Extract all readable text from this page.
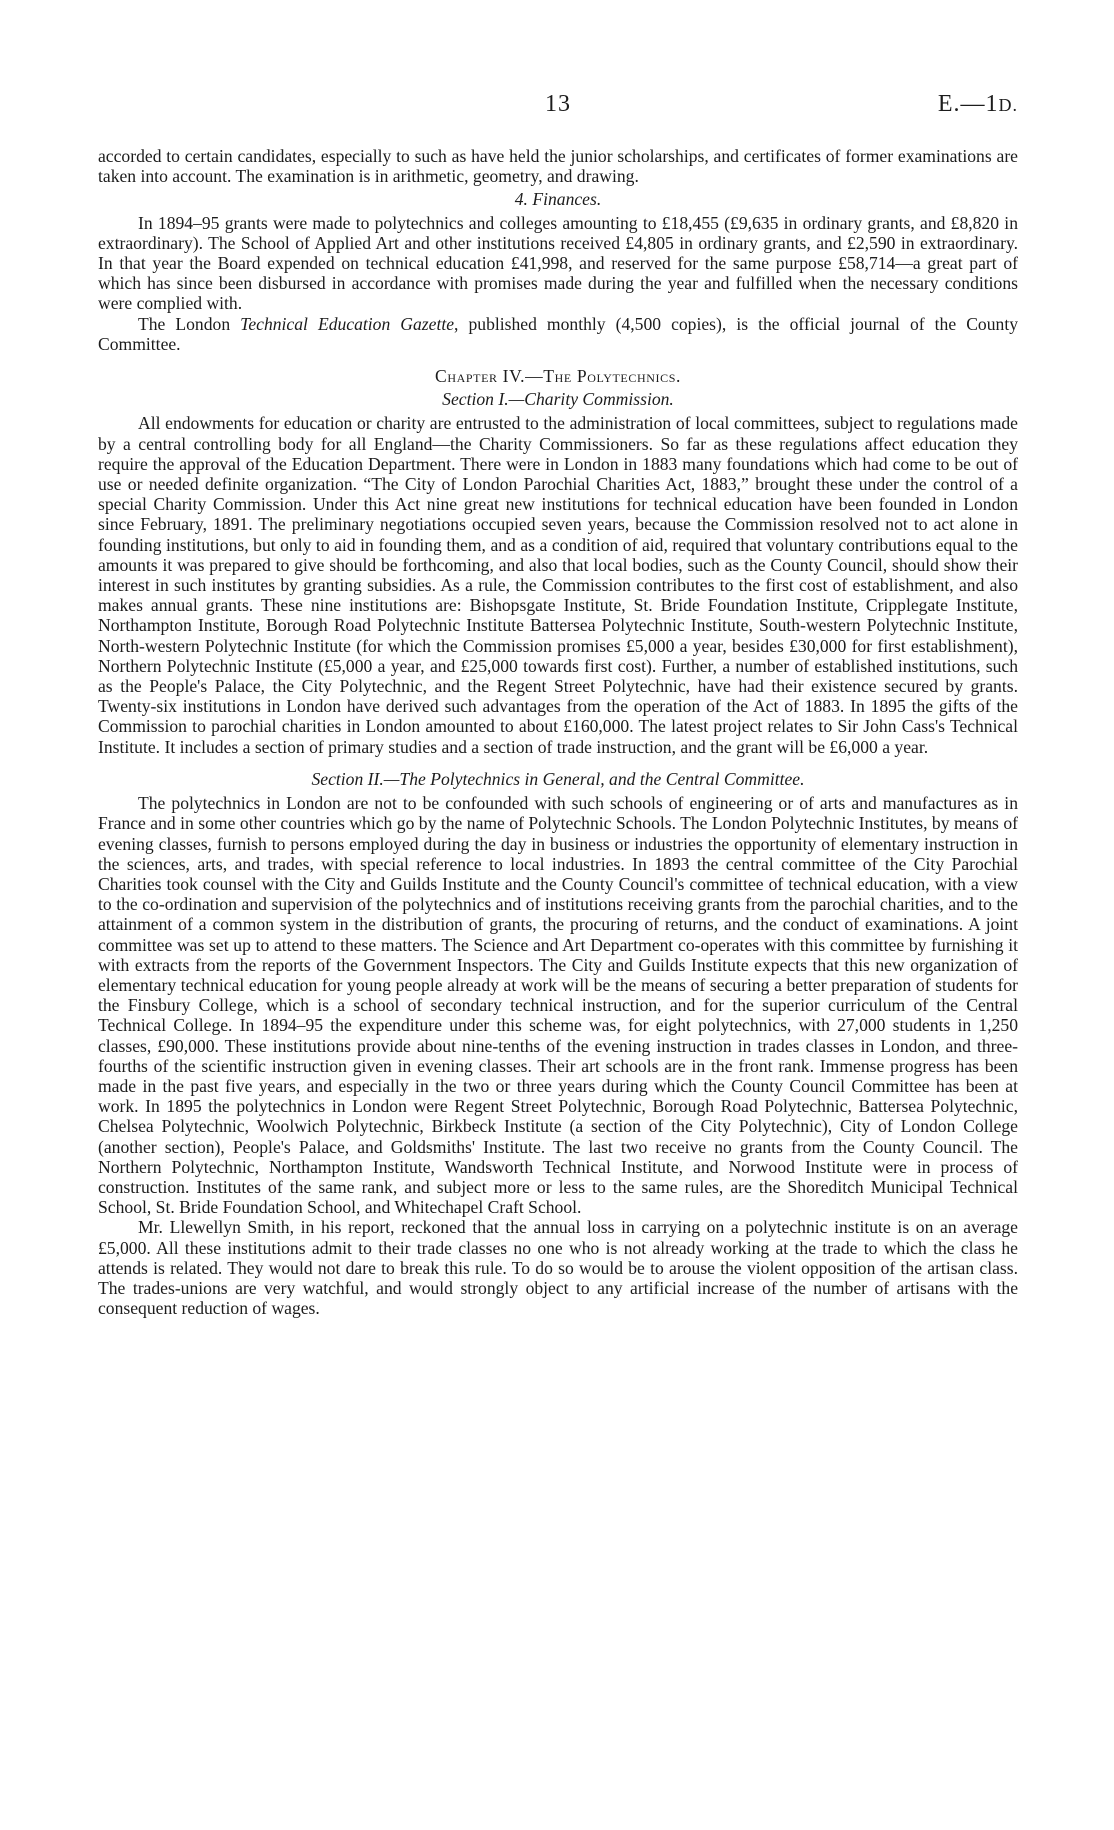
13	E.—1D.

accorded to certain candidates, especially to such as have held the junior scholarships, and certificates of former examinations are taken into account. The examination is in arithmetic, geometry, and drawing.

4. Finances.

In 1894–95 grants were made to polytechnics and colleges amounting to £18,455 (£9,635 in ordinary grants, and £8,820 in extraordinary). The School of Applied Art and other institutions received £4,805 in ordinary grants, and £2,590 in extraordinary. In that year the Board expended on technical education £41,998, and reserved for the same purpose £58,714—a great part of which has since been disbursed in accordance with promises made during the year and fulfilled when the necessary conditions were complied with.

The London Technical Education Gazette, published monthly (4,500 copies), is the official journal of the County Committee.

Chapter IV.—The Polytechnics.
Section I.—Charity Commission.

All endowments for education or charity are entrusted to the administration of local committees, subject to regulations made by a central controlling body for all England—the Charity Commissioners. So far as these regulations affect education they require the approval of the Education Department. There were in London in 1883 many foundations which had come to be out of use or needed definite organization. “The City of London Parochial Charities Act, 1883,” brought these under the control of a special Charity Commission. Under this Act nine great new institutions for technical education have been founded in London since February, 1891. The preliminary negotiations occupied seven years, because the Commission resolved not to act alone in founding institutions, but only to aid in founding them, and as a condition of aid, required that voluntary contributions equal to the amounts it was prepared to give should be forthcoming, and also that local bodies, such as the County Council, should show their interest in such institutes by granting subsidies. As a rule, the Commission contributes to the first cost of establishment, and also makes annual grants. These nine institutions are: Bishopsgate Institute, St. Bride Foundation Institute, Cripplegate Institute, Northampton Institute, Borough Road Polytechnic Institute Battersea Polytechnic Institute, South-western Polytechnic Institute, North-western Polytechnic Institute (for which the Commission promises £5,000 a year, besides £30,000 for first establishment), Northern Polytechnic Institute (£5,000 a year, and £25,000 towards first cost). Further, a number of established institutions, such as the People's Palace, the City Polytechnic, and the Regent Street Polytechnic, have had their existence secured by grants. Twenty-six institutions in London have derived such advantages from the operation of the Act of 1883. In 1895 the gifts of the Commission to parochial charities in London amounted to about £160,000. The latest project relates to Sir John Cass's Technical Institute. It includes a section of primary studies and a section of trade instruction, and the grant will be £6,000 a year.

Section II.—The Polytechnics in General, and the Central Committee.

The polytechnics in London are not to be confounded with such schools of engineering or of arts and manufactures as in France and in some other countries which go by the name of Polytechnic Schools. The London Polytechnic Institutes, by means of evening classes, furnish to persons employed during the day in business or industries the opportunity of elementary instruction in the sciences, arts, and trades, with special reference to local industries. In 1893 the central committee of the City Parochial Charities took counsel with the City and Guilds Institute and the County Council's committee of technical education, with a view to the co-ordination and supervision of the polytechnics and of institutions receiving grants from the parochial charities, and to the attainment of a common system in the distribution of grants, the procuring of returns, and the conduct of examinations. A joint committee was set up to attend to these matters. The Science and Art Department co-operates with this committee by furnishing it with extracts from the reports of the Government Inspectors. The City and Guilds Institute expects that this new organization of elementary technical education for young people already at work will be the means of securing a better preparation of students for the Finsbury College, which is a school of secondary technical instruction, and for the superior curriculum of the Central Technical College. In 1894–95 the expenditure under this scheme was, for eight polytechnics, with 27,000 students in 1,250 classes, £90,000. These institutions provide about nine-tenths of the evening instruction in trades classes in London, and three-fourths of the scientific instruction given in evening classes. Their art schools are in the front rank. Immense progress has been made in the past five years, and especially in the two or three years during which the County Council Committee has been at work. In 1895 the polytechnics in London were Regent Street Polytechnic, Borough Road Polytechnic, Battersea Polytechnic, Chelsea Polytechnic, Woolwich Polytechnic, Birkbeck Institute (a section of the City Polytechnic), City of London College (another section), People's Palace, and Goldsmiths' Institute. The last two receive no grants from the County Council. The Northern Polytechnic, Northampton Institute, Wandsworth Technical Institute, and Norwood Institute were in process of construction. Institutes of the same rank, and subject more or less to the same rules, are the Shoreditch Municipal Technical School, St. Bride Foundation School, and Whitechapel Craft School.

Mr. Llewellyn Smith, in his report, reckoned that the annual loss in carrying on a polytechnic institute is on an average £5,000. All these institutions admit to their trade classes no one who is not already working at the trade to which the class he attends is related. They would not dare to break this rule. To do so would be to arouse the violent opposition of the artisan class. The trades-unions are very watchful, and would strongly object to any artificial increase of the number of artisans with the consequent reduction of wages.
